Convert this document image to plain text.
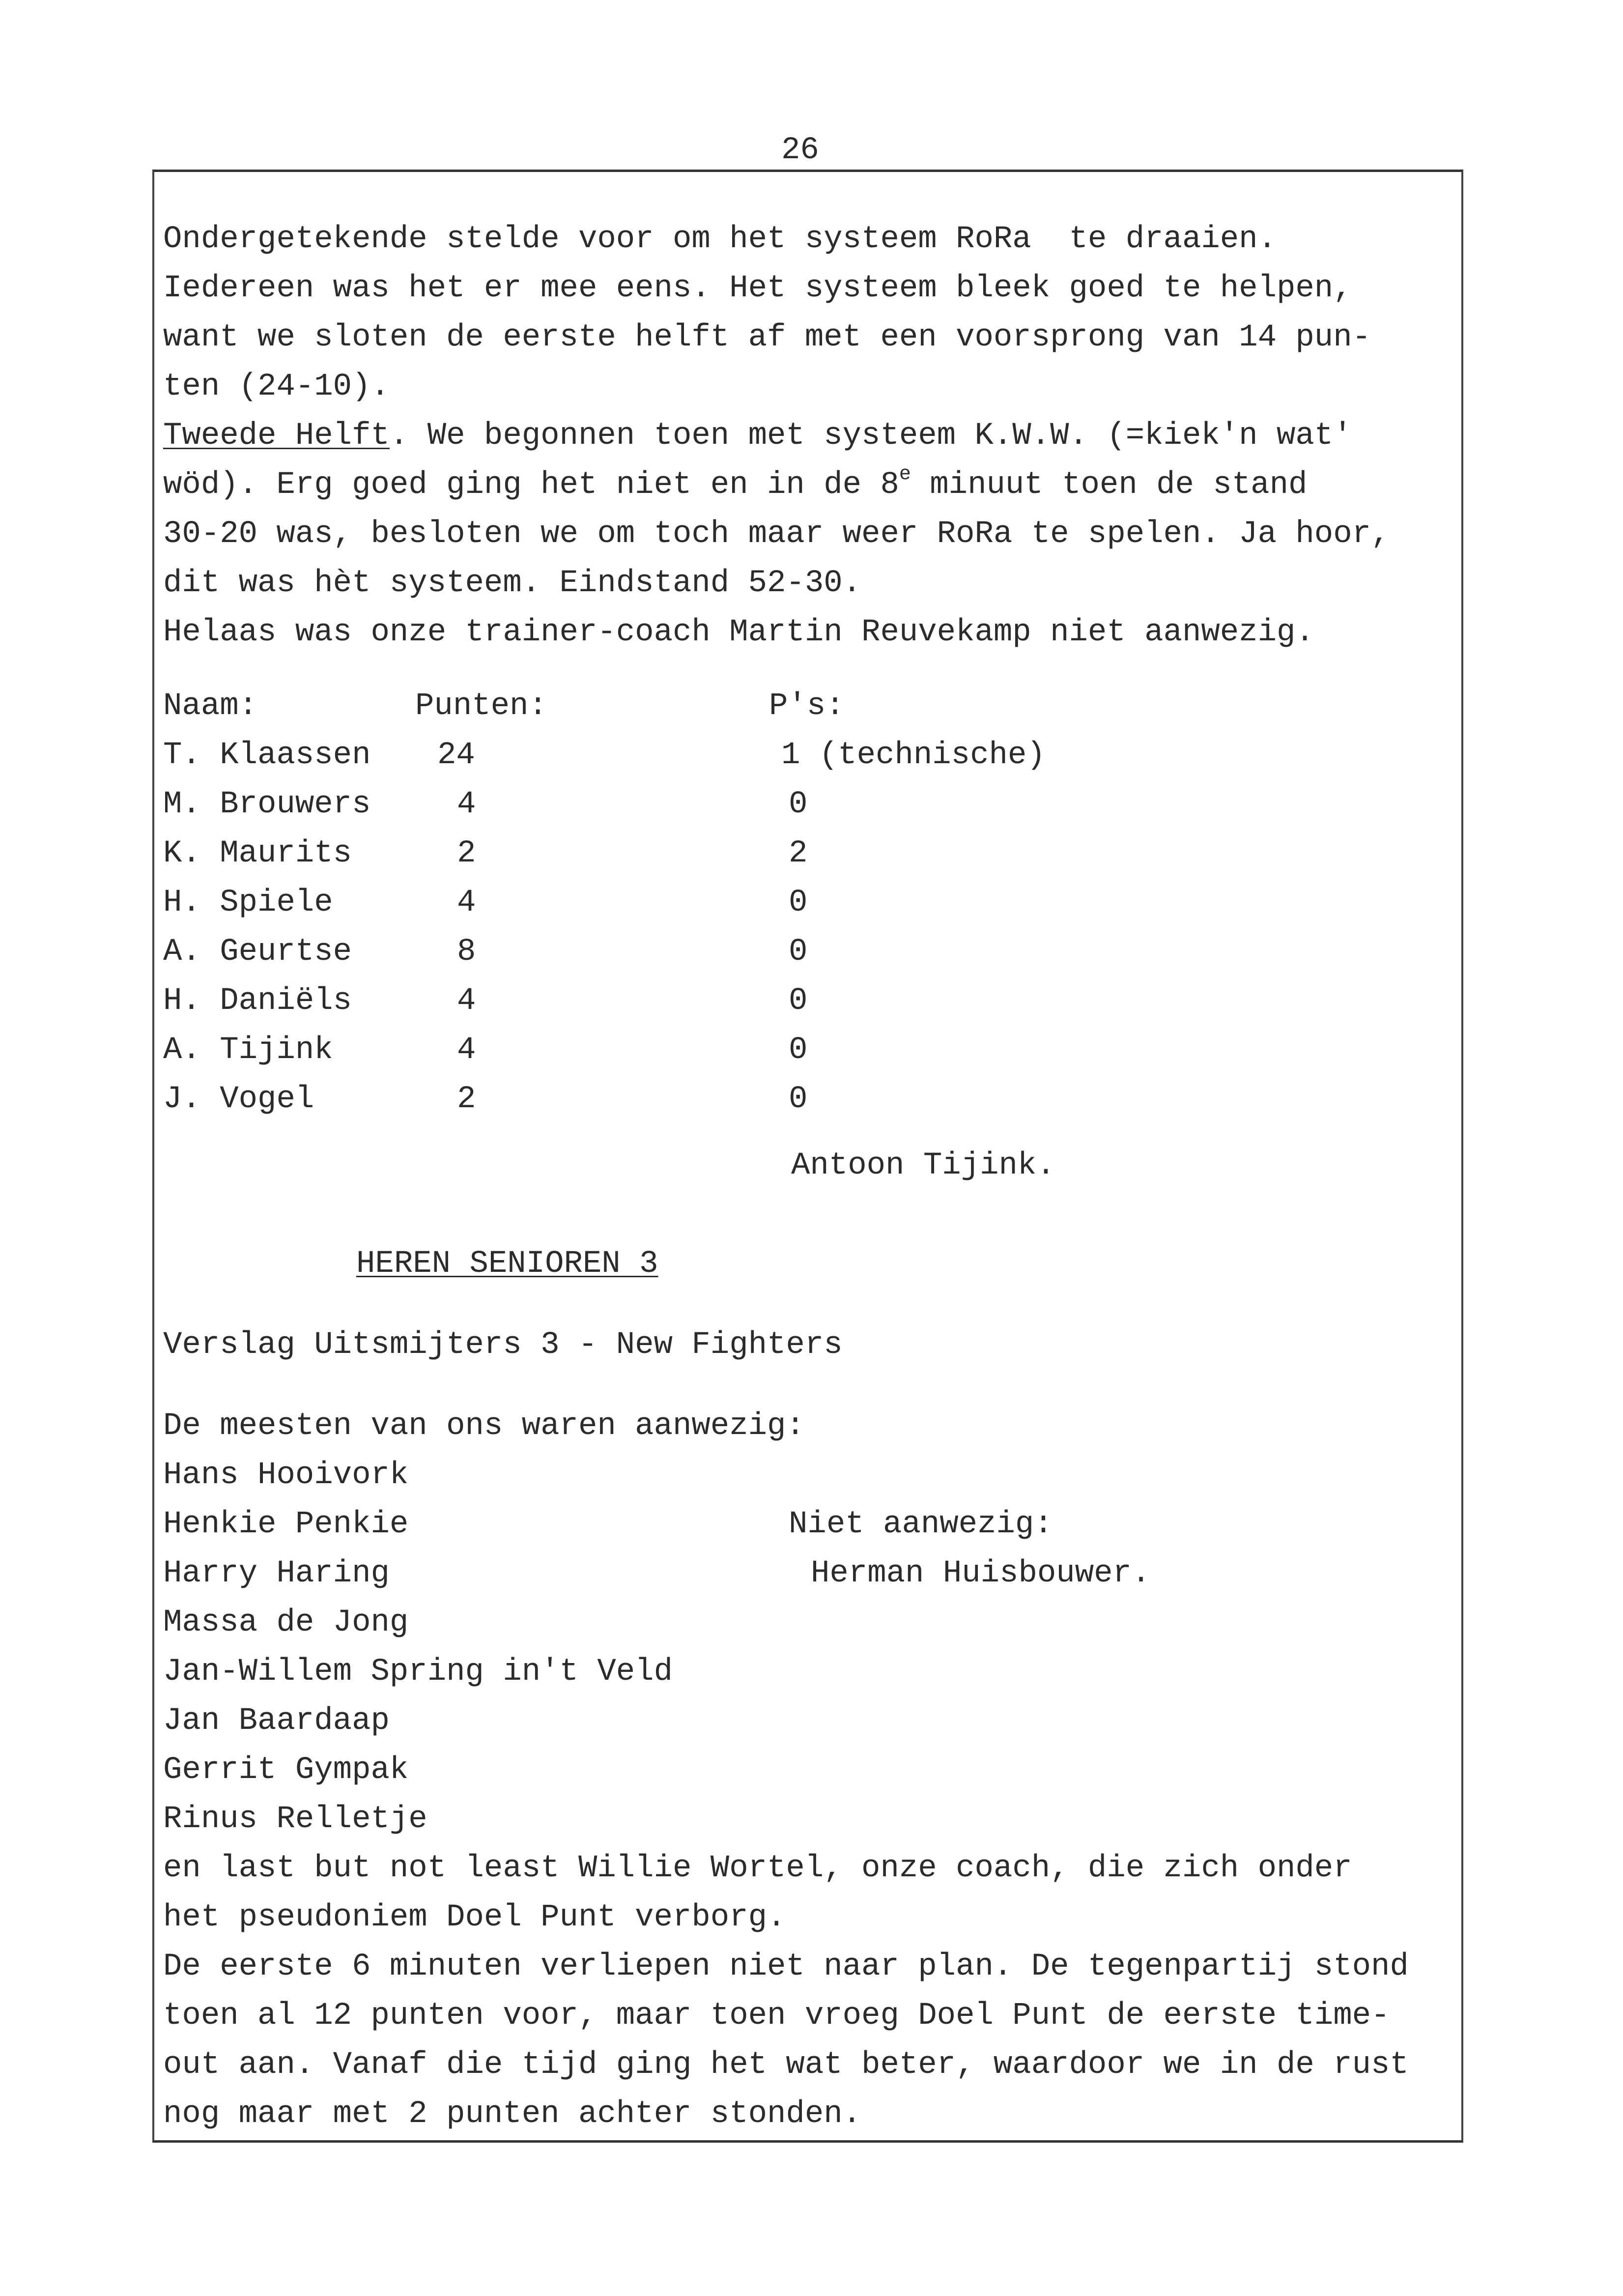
26
Ondergetekende stelde voor om het systeem RoRa  te draaien.
Iedereen was het er mee eens. Het systeem bleek goed te helpen,
want we sloten de eerste helft af met een voorsprong van 14 pun-
ten (24-10).
Tweede Helft. We begonnen toen met systeem K.W.W. (=kiek'n wat'
wöd). Erg goed ging het niet en in de 8e minuut toen de stand
30-20 was, besloten we om toch maar weer RoRa te spelen. Ja hoor,
dit was hèt systeem. Eindstand 52-30.
Helaas was onze trainer-coach Martin Reuvekamp niet aanwezig.
Naam:	Punten:	P's:
T. Klaassen 24	1 (technische)
M. Brouwers	4	0
K. Maurits	2	2
H. Spiele	4	0
A. Geurtse	8	0
H. Daniëls	4	0
A. Tijink	4	0
J. Vogel	2	0
Antoon Tijink.
HEREN SENIOREN 3
Verslag Uitsmijters 3 - New Fighters
De meesten van ons waren aanwezig:
Hans Hooivork
Henkie Penkie
Harry Haring
Massa de Jong
Jan-Willem Spring in't Veld
Jan Baardaap
Gerrit Gympak
Rinus Relletje
Niet aanwezig:
Herman Huisbouwer.
en last but not least Willie Wortel, onze coach, die zich onder
het pseudoniem Doel Punt verborg.
De eerste 6 minuten verliepen niet naar plan. De tegenpartij stond
toen al 12 punten voor, maar toen vroeg Doel Punt de eerste time-
out aan. Vanaf die tijd ging het wat beter, waardoor we in de rust
nog maar met 2 punten achter stonden.
